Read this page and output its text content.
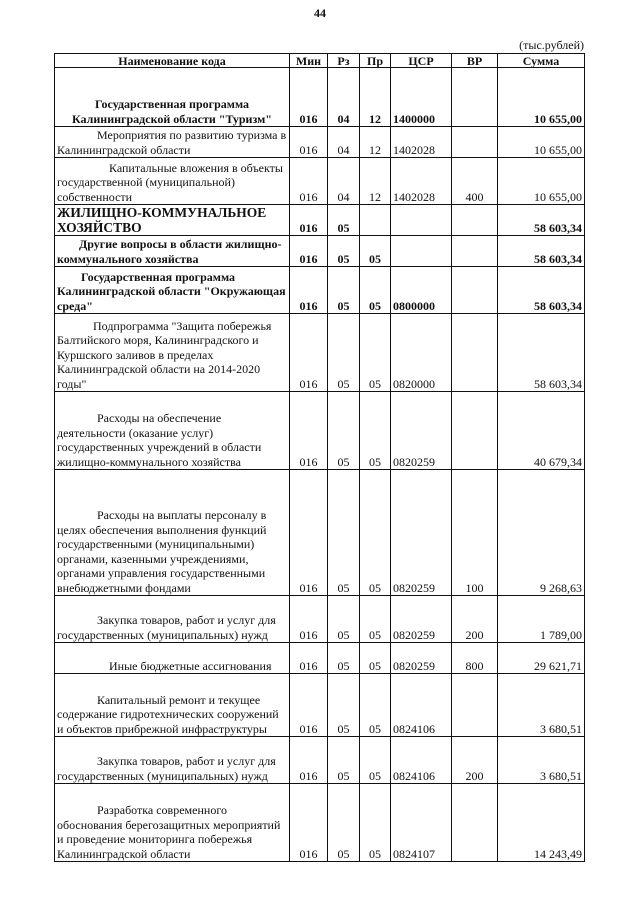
44
(тыс.рублей)
Наименование кода	Мин	Рз	Пр	ЦСР	ВР	Сумма
Государственная программа Калининградской области "Туризм"	016	04	12	1400000		10 655,00
Мероприятия по развитию туризма в Калининградской области	016	04	12	1402028		10 655,00
Капитальные вложения в объекты государственной (муниципальной) собственности	016	04	12	1402028	400	10 655,00
ЖИЛИЩНО-КОММУНАЛЬНОЕ ХОЗЯЙСТВО	016	05				58 603,34
Другие вопросы в области жилищно-коммунального хозяйства	016	05	05			58 603,34
Государственная программа Калининградской области "Окружающая среда"	016	05	05	0800000		58 603,34
Подпрограмма "Защита побережья Балтийского моря, Калининградского и Куршского заливов в пределах Калининградской области на 2014-2020 годы"	016	05	05	0820000		58 603,34
Расходы на обеспечение деятельности (оказание услуг) государственных учреждений в области жилищно-коммунального хозяйства	016	05	05	0820259		40 679,34
Расходы на выплаты персоналу в целях обеспечения выполнения функций государственными (муниципальными) органами, казенными учреждениями, органами управления государственными внебюджетными фондами	016	05	05	0820259	100	9 268,63
Закупка товаров, работ и услуг для государственных (муниципальных) нужд	016	05	05	0820259	200	1 789,00
Иные бюджетные ассигнования	016	05	05	0820259	800	29 621,71
Капитальный ремонт и текущее содержание гидротехнических сооружений и объектов прибрежной инфраструктуры	016	05	05	0824106		3 680,51
Закупка товаров, работ и услуг для государственных (муниципальных) нужд	016	05	05	0824106	200	3 680,51
Разработка современного обоснования берегозащитных мероприятий и проведение мониторинга побережья Калининградской области	016	05	05	0824107		14 243,49
